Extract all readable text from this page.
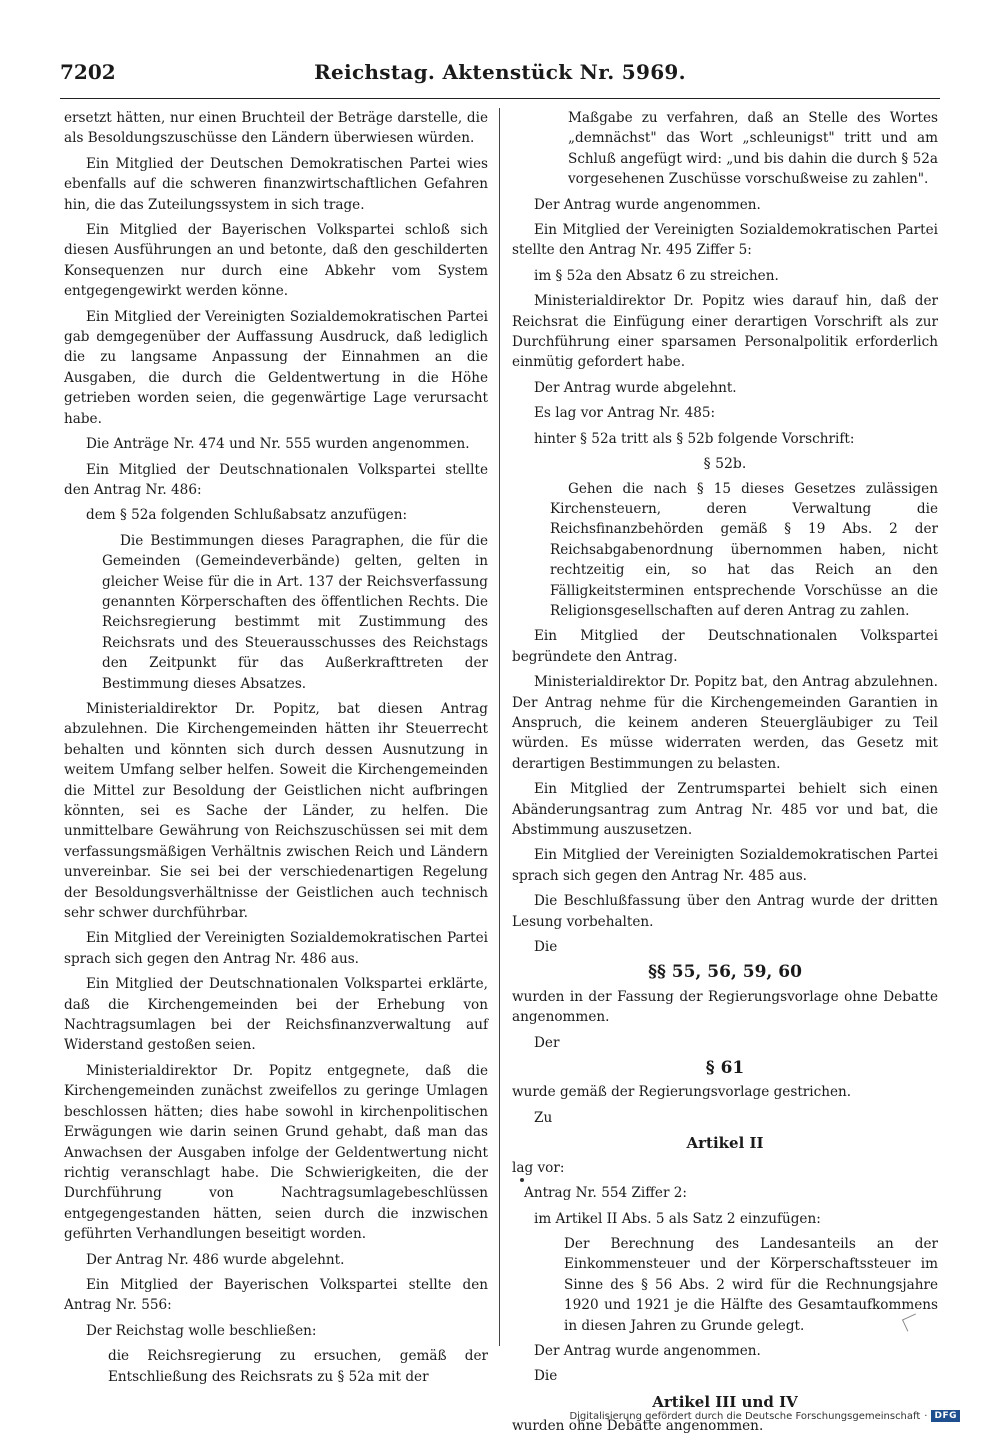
7202	Reichstag. Aktenstück Nr. 5969.

ersetzt hätten, nur einen Bruchteil der Beträge darstelle, die als Besoldungszuschüsse den Ländern überwiesen würden.

Ein Mitglied der Deutschen Demokratischen Partei wies ebenfalls auf die schweren finanzwirtschaftlichen Gefahren hin, die das Zuteilungssystem in sich trage.

Ein Mitglied der Bayerischen Volkspartei schloß sich diesen Ausführungen an und betonte, daß den geschilderten Konsequenzen nur durch eine Abkehr vom System entgegengewirkt werden könne.

Ein Mitglied der Vereinigten Sozialdemokratischen Partei gab demgegenüber der Auffassung Ausdruck, daß lediglich die zu langsame Anpassung der Einnahmen an die Ausgaben, die durch die Geldentwertung in die Höhe getrieben worden seien, die gegenwärtige Lage verursacht habe.

Die Anträge Nr. 474 und Nr. 555 wurden angenommen.

Ein Mitglied der Deutschnationalen Volkspartei stellte den Antrag Nr. 486:

dem § 52a folgenden Schlußabsatz anzufügen:

Die Bestimmungen dieses Paragraphen, die für die Gemeinden (Gemeindeverbände) gelten, gelten in gleicher Weise für die in Art. 137 der Reichsverfassung genannten Körperschaften des öffentlichen Rechts. Die Reichsregierung bestimmt mit Zustimmung des Reichsrats und des Steuerausschusses des Reichstags den Zeitpunkt für das Außerkrafttreten der Bestimmung dieses Absatzes.

Ministerialdirektor Dr. Popitz, bat diesen Antrag abzulehnen. Die Kirchengemeinden hätten ihr Steuerrecht behalten und könnten sich durch dessen Ausnutzung in weitem Umfang selber helfen. Soweit die Kirchengemeinden die Mittel zur Besoldung der Geistlichen nicht aufbringen könnten, sei es Sache der Länder, zu helfen. Die unmittelbare Gewährung von Reichszuschüssen sei mit dem verfassungsmäßigen Verhältnis zwischen Reich und Ländern unvereinbar. Sie sei bei der verschiedenartigen Regelung der Besoldungsverhältnisse der Geistlichen auch technisch sehr schwer durchführbar.

Ein Mitglied der Vereinigten Sozialdemokratischen Partei sprach sich gegen den Antrag Nr. 486 aus.

Ein Mitglied der Deutschnationalen Volkspartei erklärte, daß die Kirchengemeinden bei der Erhebung von Nachtragsumlagen bei der Reichsfinanzverwaltung auf Widerstand gestoßen seien.

Ministerialdirektor Dr. Popitz entgegnete, daß die Kirchengemeinden zunächst zweifellos zu geringe Umlagen beschlossen hätten; dies habe sowohl in kirchenpolitischen Erwägungen wie darin seinen Grund gehabt, daß man das Anwachsen der Ausgaben infolge der Geldentwertung nicht richtig veranschlagt habe. Die Schwierigkeiten, die der Durchführung von Nachtragsumlagebeschlüssen entgegengestanden hätten, seien durch die inzwischen geführten Verhandlungen beseitigt worden.

Der Antrag Nr. 486 wurde abgelehnt.

Ein Mitglied der Bayerischen Volkspartei stellte den Antrag Nr. 556:

Der Reichstag wolle beschließen:

die Reichsregierung zu ersuchen, gemäß der Entschließung des Reichsrats zu § 52a mit der

Maßgabe zu verfahren, daß an Stelle des Wortes „demnächst" das Wort „schleunigst" tritt und am Schluß angefügt wird: „und bis dahin die durch § 52a vorgesehenen Zuschüsse vorschußweise zu zahlen".

Der Antrag wurde angenommen.

Ein Mitglied der Vereinigten Sozialdemokratischen Partei stellte den Antrag Nr. 495 Ziffer 5:

im § 52a den Absatz 6 zu streichen.

Ministerialdirektor Dr. Popitz wies darauf hin, daß der Reichsrat die Einfügung einer derartigen Vorschrift als zur Durchführung einer sparsamen Personalpolitik erforderlich einmütig gefordert habe.

Der Antrag wurde abgelehnt.

Es lag vor Antrag Nr. 485:

hinter § 52a tritt als § 52b folgende Vorschrift:

§ 52b.

Gehen die nach § 15 dieses Gesetzes zulässigen Kirchensteuern, deren Verwaltung die Reichsfinanzbehörden gemäß § 19 Abs. 2 der Reichsabgabenordnung übernommen haben, nicht rechtzeitig ein, so hat das Reich an den Fälligkeitsterminen entsprechende Vorschüsse an die Religionsgesellschaften auf deren Antrag zu zahlen.

Ein Mitglied der Deutschnationalen Volkspartei begründete den Antrag.

Ministerialdirektor Dr. Popitz bat, den Antrag abzulehnen. Der Antrag nehme für die Kirchengemeinden Garantien in Anspruch, die keinem anderen Steuergläubiger zu Teil würden. Es müsse widerraten werden, das Gesetz mit derartigen Bestimmungen zu belasten.

Ein Mitglied der Zentrumspartei behielt sich einen Abänderungsantrag zum Antrag Nr. 485 vor und bat, die Abstimmung auszusetzen.

Ein Mitglied der Vereinigten Sozialdemokratischen Partei sprach sich gegen den Antrag Nr. 485 aus.

Die Beschlußfassung über den Antrag wurde der dritten Lesung vorbehalten.

Die

§§ 55, 56, 59, 60

wurden in der Fassung der Regierungsvorlage ohne Debatte angenommen.

Der

§ 61

wurde gemäß der Regierungsvorlage gestrichen.

Zu

Artikel II

lag vor:

Antrag Nr. 554 Ziffer 2:

im Artikel II Abs. 5 als Satz 2 einzufügen:

Der Berechnung des Landesanteils an der Einkommensteuer und der Körperschaftssteuer im Sinne des § 56 Abs. 2 wird für die Rechnungsjahre 1920 und 1921 je die Hälfte des Gesamtaufkommens in diesen Jahren zu Grunde gelegt.

Der Antrag wurde angenommen.

Die

Artikel III und IV

wurden ohne Debatte angenommen.

Digitalisierung gefördert durch die Deutsche Forschungsgemeinschaft · DFG
